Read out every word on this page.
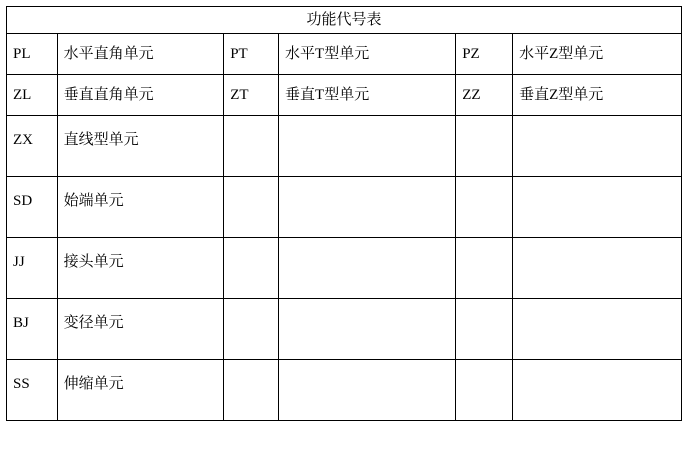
功能代号表					

PL	水平直角单元	PT	水平T型单元	PZ	水平Z型单元

ZL	垂直直角单元	ZT	垂直T型单元	ZZ	垂直Z型单元

ZX	直线型单元				

SD	始端单元				

JJ	接头单元				

BJ	变径单元				

SS	伸缩单元				
